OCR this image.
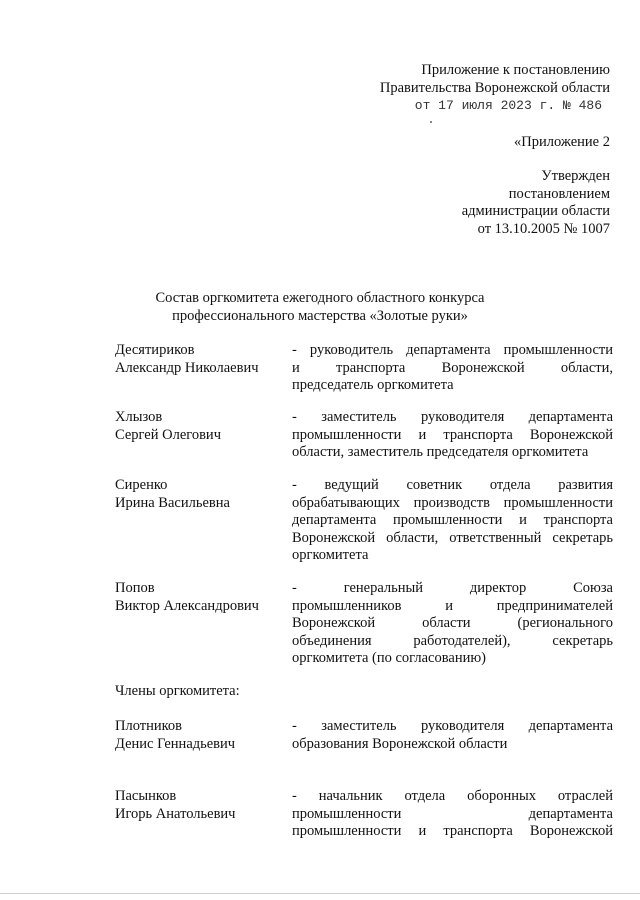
Приложение к постановлению
Правительства Воронежской области
от 17 июля 2023 г. № 486
«Приложение 2
Утвержден
постановлением
администрации области
от 13.10.2005 № 1007
Состав оргкомитета ежегодного областного конкурса
профессионального мастерства «Золотые руки»
Десятириков
Александр Николаевич
- руководитель департамента промышленности
и транспорта Воронежской области,
председатель оргкомитета
Хлызов
Сергей Олегович
- заместитель руководителя департамента
промышленности и транспорта Воронежской
области, заместитель председателя оргкомитета
Сиренко
Ирина Васильевна
- ведущий советник отдела развития
обрабатывающих производств промышленности
департамента промышленности и транспорта
Воронежской области, ответственный секретарь
оргкомитета
Попов
Виктор Александрович
- генеральный директор Союза
промышленников и предпринимателей
Воронежской области (регионального
объединения работодателей), секретарь
оргкомитета (по согласованию)
Члены оргкомитета:
Плотников
Денис Геннадьевич
- заместитель руководителя департамента
образования Воронежской области
Пасынков
Игорь Анатольевич
- начальник отдела оборонных отраслей
промышленности департамента
промышленности и транспорта Воронежской
